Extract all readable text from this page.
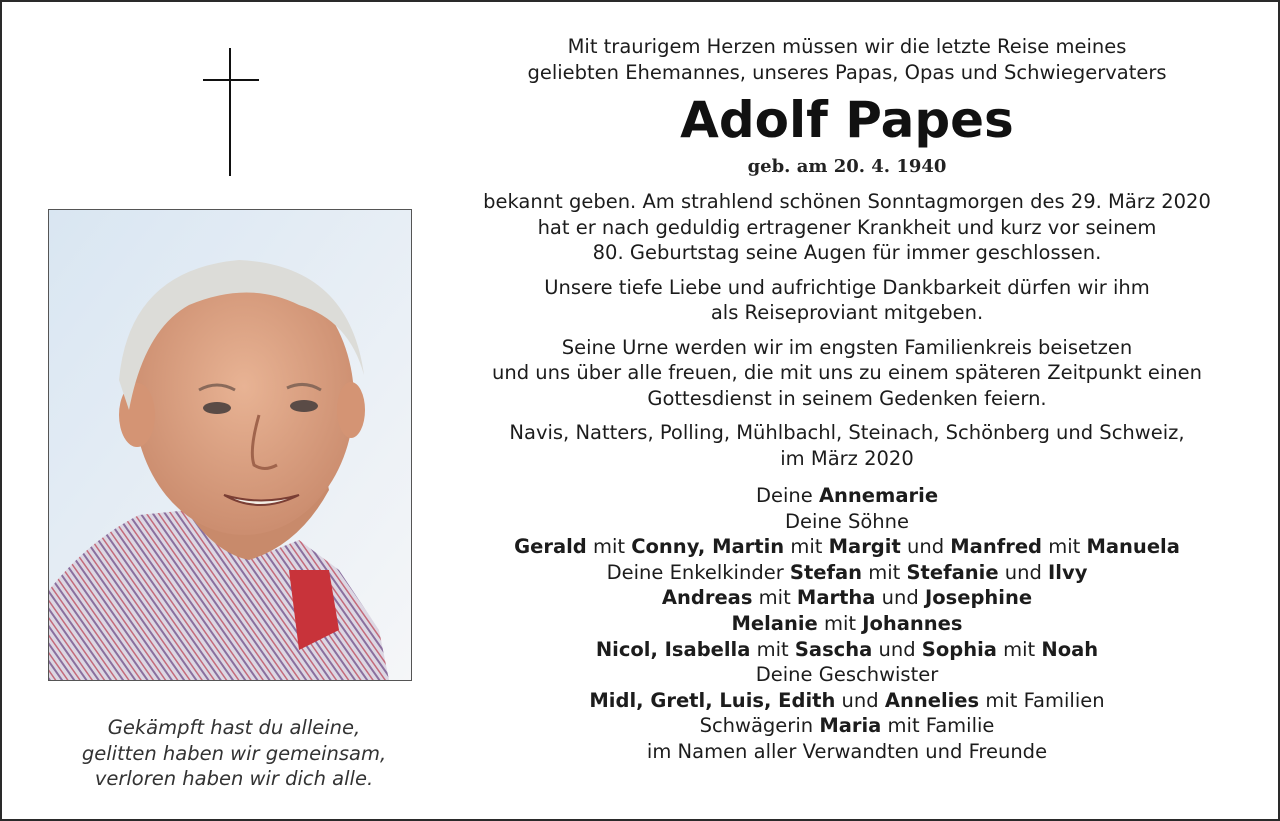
Gekämpft hast du alleine,
gelitten haben wir gemeinsam,
verloren haben wir dich alle.
Mit traurigem Herzen müssen wir die letzte Reise meines
geliebten Ehemannes, unseres Papas, Opas und Schwiegervaters
Adolf Papes
geb. am 20. 4. 1940
bekannt geben. Am strahlend schönen Sonntagmorgen des 29. März 2020
hat er nach geduldig ertragener Krankheit und kurz vor seinem
80. Geburtstag seine Augen für immer geschlossen.
Unsere tiefe Liebe und aufrichtige Dankbarkeit dürfen wir ihm
als Reiseproviant mitgeben.
Seine Urne werden wir im engsten Familienkreis beisetzen
und uns über alle freuen, die mit uns zu einem späteren Zeitpunkt einen
Gottesdienst in seinem Gedenken feiern.
Navis, Natters, Polling, Mühlbachl, Steinach, Schönberg und Schweiz,
im März 2020
Deine Annemarie
Deine Söhne
Gerald mit Conny, Martin mit Margit und Manfred mit Manuela
Deine Enkelkinder Stefan mit Stefanie und Ilvy
Andreas mit Martha und Josephine
Melanie mit Johannes
Nicol, Isabella mit Sascha und Sophia mit Noah
Deine Geschwister
Midl, Gretl, Luis, Edith und Annelies mit Familien
Schwägerin Maria mit Familie
im Namen aller Verwandten und Freunde
